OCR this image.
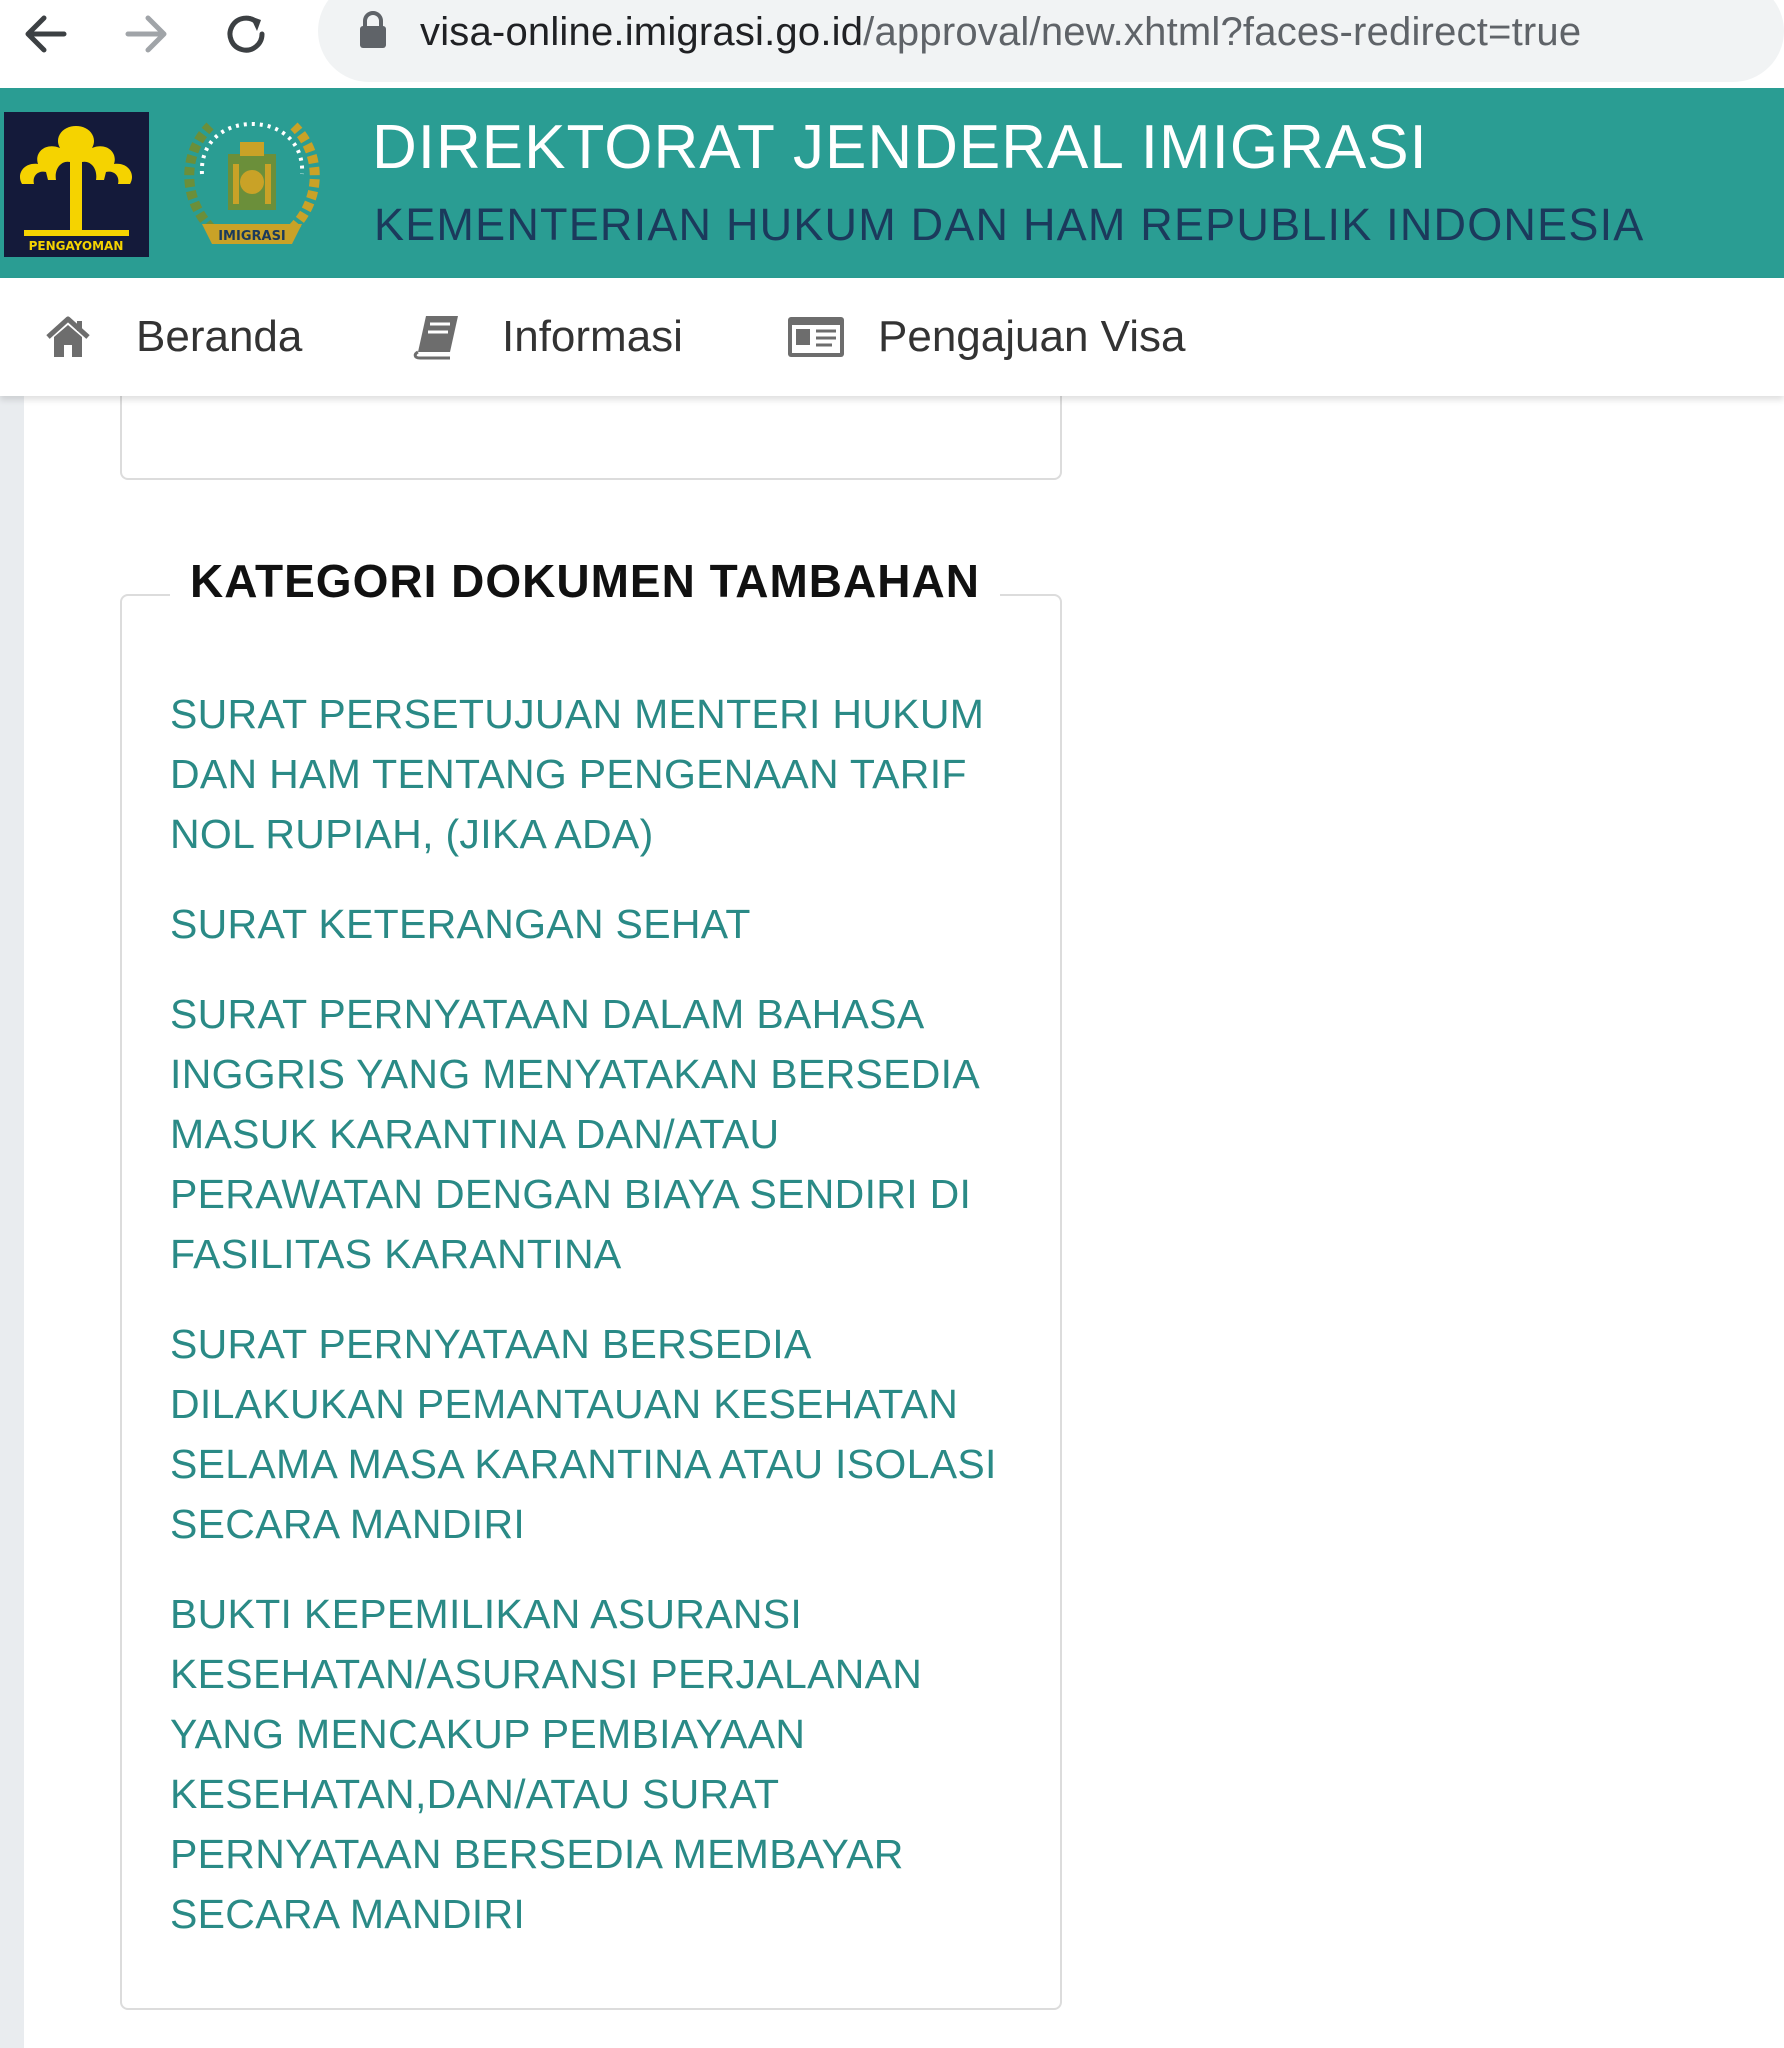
visa-online.imigrasi.go.id/approval/new.xhtml?faces-redirect=true
PENGAYOMAN
IMIGRASI
DIREKTORAT JENDERAL IMIGRASI
KEMENTERIAN HUKUM DAN HAM REPUBLIK INDONESIA
Beranda	Informasi	Pengajuan Visa
KATEGORI DOKUMEN TAMBAHAN
SURAT PERSETUJUAN MENTERI HUKUM DAN HAM TENTANG PENGENAAN TARIF NOL RUPIAH, (JIKA ADA)
SURAT KETERANGAN SEHAT
SURAT PERNYATAAN DALAM BAHASA INGGRIS YANG MENYATAKAN BERSEDIA MASUK KARANTINA DAN/ATAU PERAWATAN DENGAN BIAYA SENDIRI DI FASILITAS KARANTINA
SURAT PERNYATAAN BERSEDIA DILAKUKAN PEMANTAUAN KESEHATAN SELAMA MASA KARANTINA ATAU ISOLASI SECARA MANDIRI
BUKTI KEPEMILIKAN ASURANSI KESEHATAN/ASURANSI PERJALANAN YANG MENCAKUP PEMBIAYAAN KESEHATAN,DAN/ATAU SURAT PERNYATAAN BERSEDIA MEMBAYAR SECARA MANDIRI
